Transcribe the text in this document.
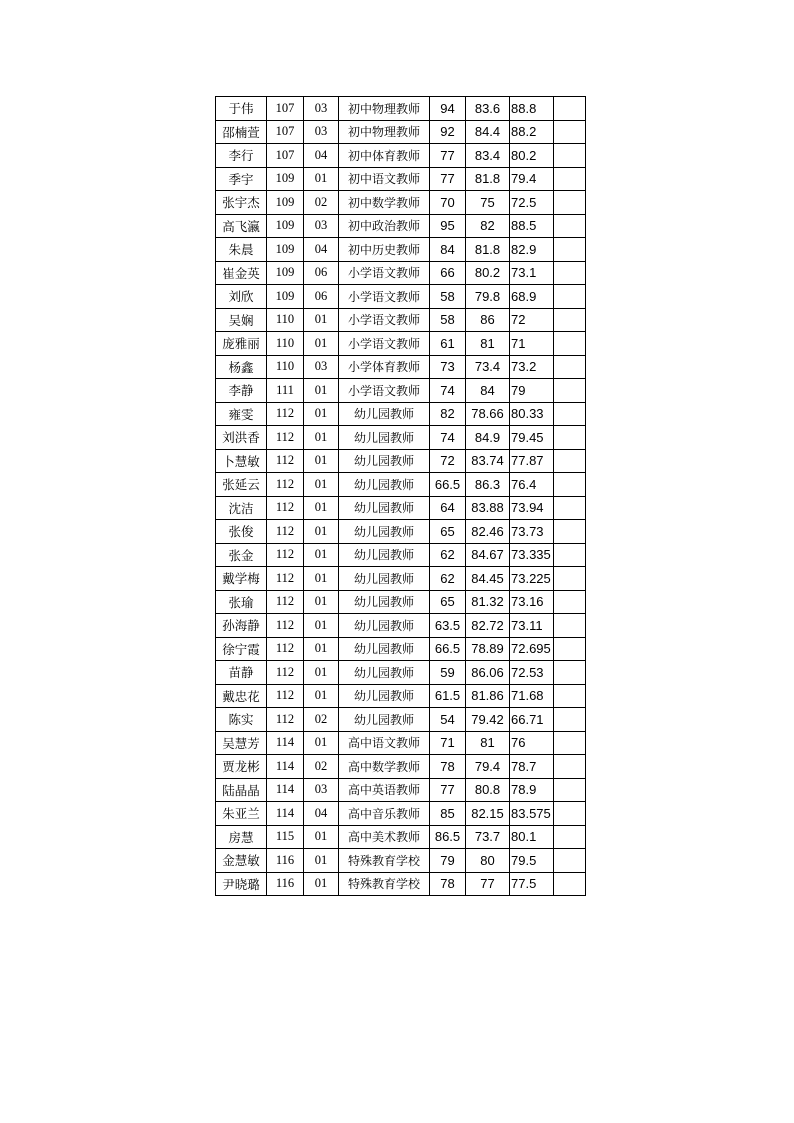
于伟	107	03	初中物理教师	94	83.6	88.8	
邵楠萱	107	03	初中物理教师	92	84.4	88.2	
李行	107	04	初中体育教师	77	83.4	80.2	
季宇	109	01	初中语文教师	77	81.8	79.4	
张宇杰	109	02	初中数学教师	70	75	72.5	
高飞瀛	109	03	初中政治教师	95	82	88.5	
朱晨	109	04	初中历史教师	84	81.8	82.9	
崔金英	109	06	小学语文教师	66	80.2	73.1	
刘欣	109	06	小学语文教师	58	79.8	68.9	
吴娴	110	01	小学语文教师	58	86	72	
庞雅丽	110	01	小学语文教师	61	81	71	
杨鑫	110	03	小学体育教师	73	73.4	73.2	
李静	111	01	小学语文教师	74	84	79	
雍雯	112	01	幼儿园教师	82	78.66	80.33	
刘洪香	112	01	幼儿园教师	74	84.9	79.45	
卜慧敏	112	01	幼儿园教师	72	83.74	77.87	
张延云	112	01	幼儿园教师	66.5	86.3	76.4	
沈洁	112	01	幼儿园教师	64	83.88	73.94	
张俊	112	01	幼儿园教师	65	82.46	73.73	
张金	112	01	幼儿园教师	62	84.67	73.335	
戴学梅	112	01	幼儿园教师	62	84.45	73.225	
张瑜	112	01	幼儿园教师	65	81.32	73.16	
孙海静	112	01	幼儿园教师	63.5	82.72	73.11	
徐宁霞	112	01	幼儿园教师	66.5	78.89	72.695	
苗静	112	01	幼儿园教师	59	86.06	72.53	
戴忠花	112	01	幼儿园教师	61.5	81.86	71.68	
陈实	112	02	幼儿园教师	54	79.42	66.71	
吴慧芳	114	01	高中语文教师	71	81	76	
贾龙彬	114	02	高中数学教师	78	79.4	78.7	
陆晶晶	114	03	高中英语教师	77	80.8	78.9	
朱亚兰	114	04	高中音乐教师	85	82.15	83.575	
房慧	115	01	高中美术教师	86.5	73.7	80.1	
金慧敏	116	01	特殊教育学校	79	80	79.5	
尹晓璐	116	01	特殊教育学校	78	77	77.5	
